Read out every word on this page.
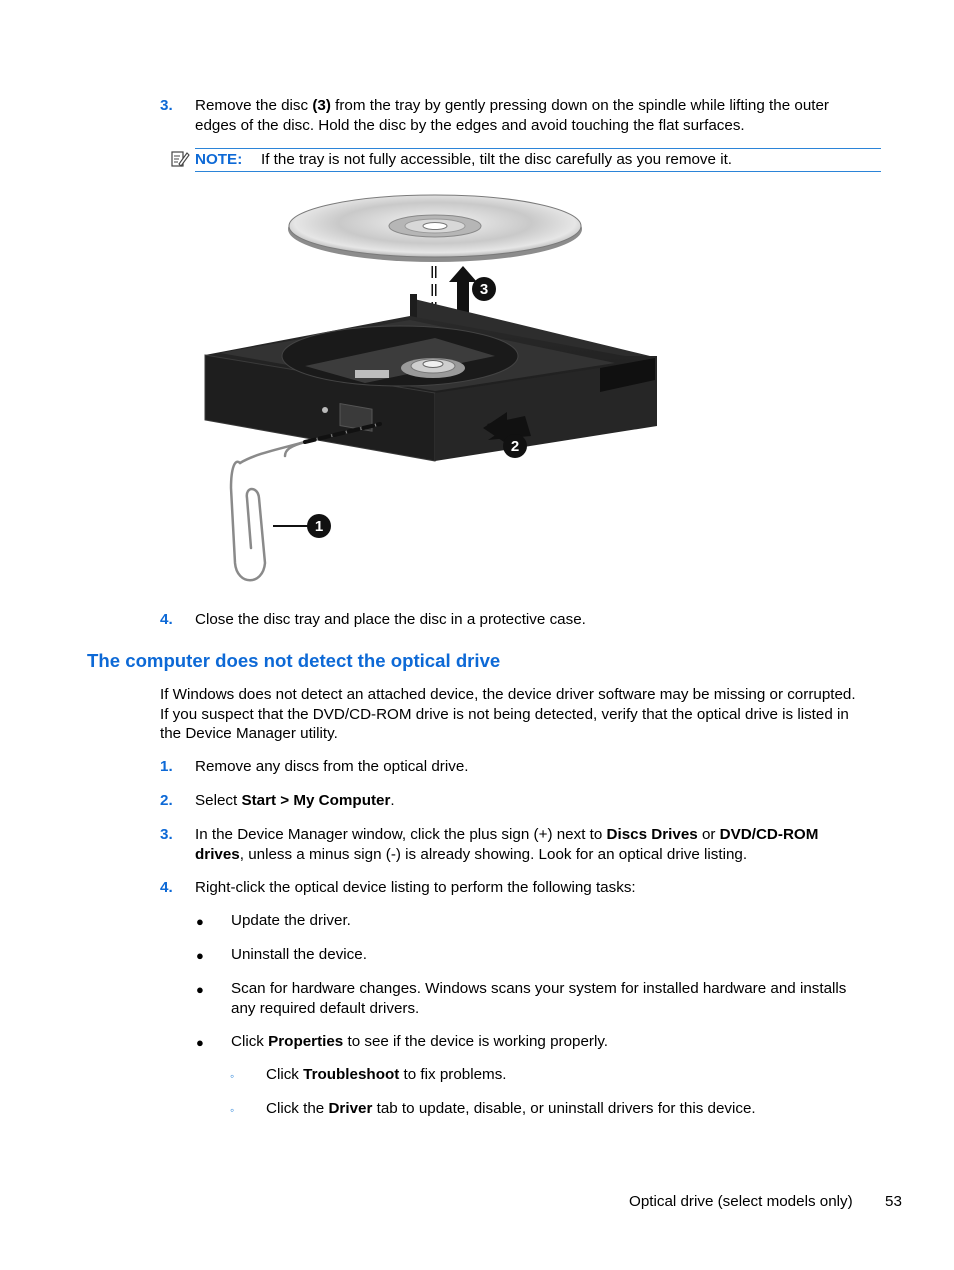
3. Remove the disc (3) from the tray by gently pressing down on the spindle while lifting the outer
edges of the disc. Hold the disc by the edges and avoid touching the flat surfaces.
NOTE: If the tray is not fully accessible, tilt the disc carefully as you remove it.
1
2
3
4. Close the disc tray and place the disc in a protective case.
The computer does not detect the optical drive
If Windows does not detect an attached device, the device driver software may be missing or corrupted.
If you suspect that the DVD/CD-ROM drive is not being detected, verify that the optical drive is listed in
the Device Manager utility.
1. Remove any discs from the optical drive.
2. Select Start > My Computer.
3. In the Device Manager window, click the plus sign (+) next to Discs Drives or DVD/CD-ROM
drives, unless a minus sign (-) is already showing. Look for an optical drive listing.
4. Right-click the optical device listing to perform the following tasks:
● Update the driver.
● Uninstall the device.
● Scan for hardware changes. Windows scans your system for installed hardware and installs
any required default drivers.
● Click Properties to see if the device is working properly.
◦ Click Troubleshoot to fix problems.
◦ Click the Driver tab to update, disable, or uninstall drivers for this device.
Optical drive (select models only) 53
